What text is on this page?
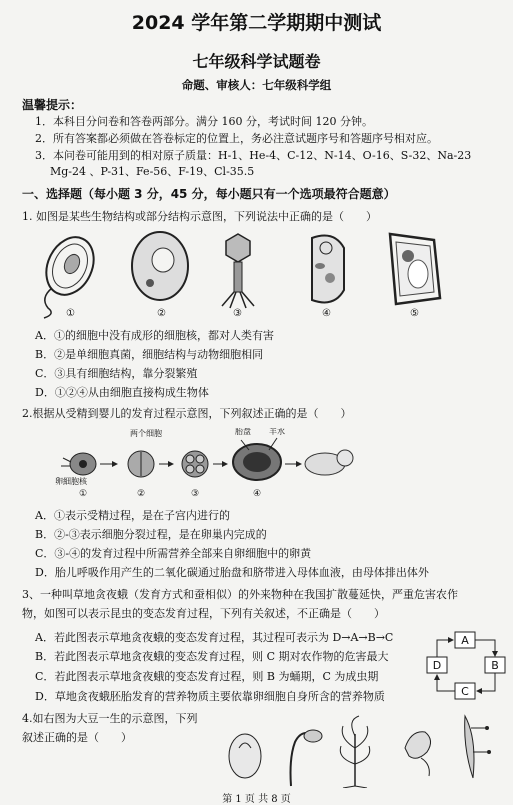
2024 学年第二学期期中测试
七年级科学试题卷
命题、审核人：七年级科学组
温馨提示：
1．本科目分问卷和答卷两部分。满分 160 分，考试时间 120 分钟。
2．所有答案都必须做在答卷标定的位置上，务必注意试题序号和答题序号相对应。
3．本问卷可能用到的相对原子质量：H-1、He-4、C-12、N-14、O-16、S-32、Na-23
Mg-24 、P-31、Fe-56、F-19、Cl-35.5
一、选择题（每小题 3 分，45 分，每小题只有一个选项最符合题意）
1. 如图是某些生物结构或部分结构示意图，下列说法中正确的是（　　）
①	②	③	④	⑤
A．①的细胞中没有成形的细胞核，都对人类有害
B．②是单细胞真菌，细胞结构与动物细胞相同
C．③具有细胞结构，靠分裂繁殖
D．①②④从由细胞直接构成生物体
2.根据从受精到婴儿的发育过程示意图，下列叙述正确的是（　　）
两个细胞	胎盘 羊水
卵細胞核
①	②	③	④
A．①表示受精过程，是在子宫内进行的
B．②-③表示细胞分裂过程，是在卵巢内完成的
C．③-④的发育过程中所需营养全部来自卵细胞中的卵黄
D．胎儿呼吸作用产生的二氧化碳通过胎盘和脐带进入母体血液，由母体排出体外
3、一种叫草地贪夜蛾（发育方式和蚕相似）的外来物种在我国扩散蔓延快，严重危害农作
物，如图可以表示昆虫的变态发育过程，下列有关叙述，不正确是（　　）
A．若此图表示草地贪夜蛾的变态发育过程，其过程可表示为 D→A→B→C
B．若此图表示草地贪夜蛾的变态发育过程，则 C 期对农作物的危害最大
C．若此图表示草地贪夜蛾的变态发育过程，则 B 为蛹期，C 为成虫期
D．草地贪夜蛾胚胎发育的营养物质主要依靠卵细胞自身所含的营养物质
A
B
C
D
4.如右图为大豆一生的示意图，下列
叙述正确的是（　　）
第 1 页 共 8 页
